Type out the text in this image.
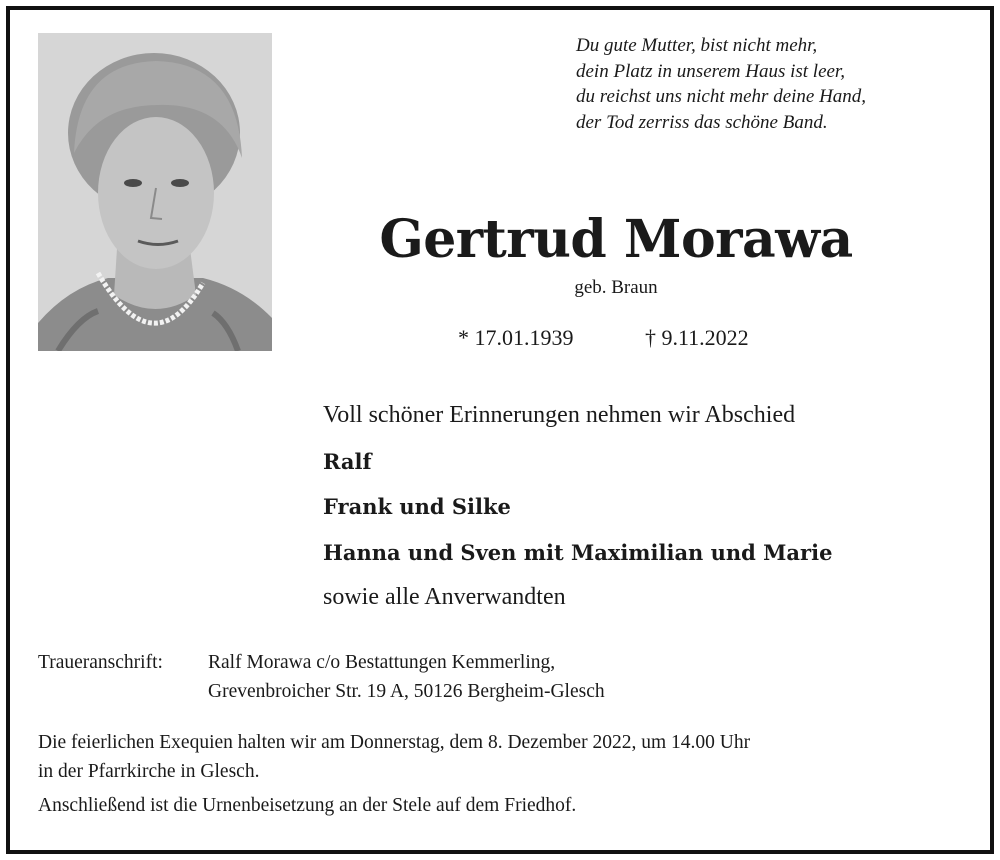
Du gute Mutter, bist nicht mehr,
dein Platz in unserem Haus ist leer,
du reichst uns nicht mehr deine Hand,
der Tod zerriss das schöne Band.
Gertrud Morawa
geb. Braun
* 17.01.1939	† 9.11.2022
Voll schöner Erinnerungen nehmen wir Abschied
Ralf
Frank und Silke
Hanna und Sven mit Maximilian und Marie
sowie alle Anverwandten
Traueranschrift: Ralf Morawa c/o Bestattungen Kemmerling,
Grevenbroicher Str. 19 A, 50126 Bergheim-Glesch
Die feierlichen Exequien halten wir am Donnerstag, dem 8. Dezember 2022, um 14.00 Uhr
in der Pfarrkirche in Glesch.
Anschließend ist die Urnenbeisetzung an der Stele auf dem Friedhof.
